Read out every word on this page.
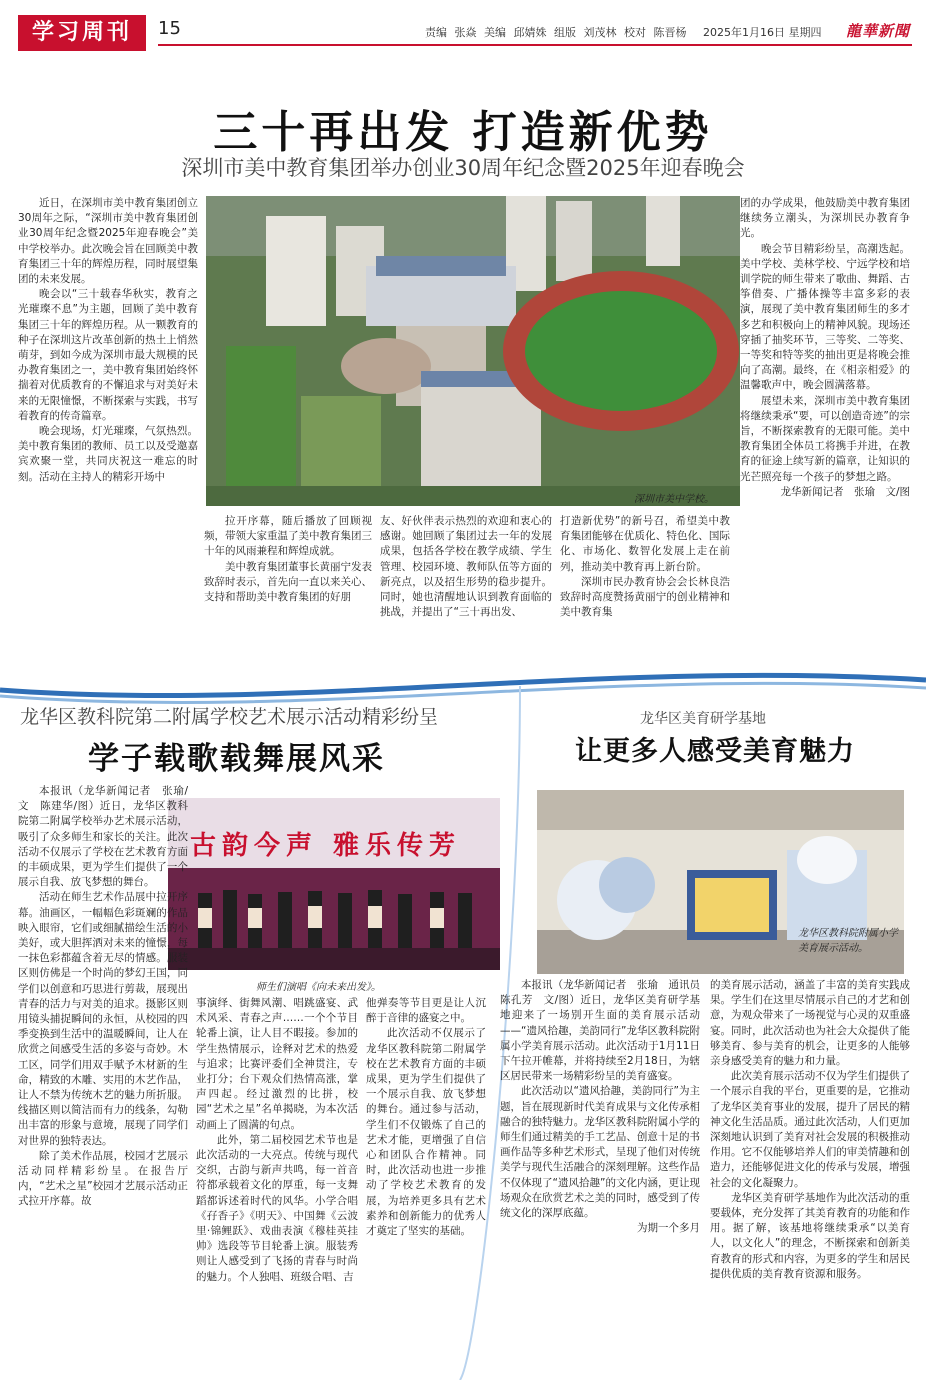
学习周刊	15	责编 张焱 美编 邱婧姝 组版 刘茂林 校对 陈晋杨 2025年1月16日 星期四 龍華新聞
三十再出发 打造新优势
深圳市美中教育集团举办创业30周年纪念暨2025年迎春晚会
深圳市美中学校。

近日，在深圳市美中教育集团创立30周年之际，“深圳市美中教育集团创业30周年纪念暨2025年迎春晚会”美中学校举办。此次晚会旨在回顾美中教育集团三十年的辉煌历程，同时展望集团的未来发展。

晚会以“三十载春华秋实，教育之光璀璨不息”为主题，回顾了美中教育集团三十年的辉煌历程。从一颗教育的种子在深圳这片改革创新的热土上悄然萌芽，到如今成为深圳市最大规模的民办教育集团之一，美中教育集团始终怀揣着对优质教育的不懈追求与对美好未来的无限憧憬，不断探索与实践，书写着教育的传奇篇章。

晚会现场，灯光璀璨，气氛热烈。美中教育集团的教师、员工以及受邀嘉宾欢聚一堂，共同庆祝这一难忘的时刻。活动在主持人的精彩开场中

拉开序幕，随后播放了回顾视频，带领大家重温了美中教育集团三十年的风雨兼程和辉煌成就。

美中教育集团董事长黄丽宁发表致辞时表示，首先向一直以来关心、支持和帮助美中教育集团的好朋

友、好伙伴表示热烈的欢迎和衷心的感谢。她回顾了集团过去一年的发展成果，包括各学校在教学成绩、学生管理、校园环境、教师队伍等方面的新亮点，以及招生形势的稳步提升。同时，她也清醒地认识到教育面临的挑战，并提出了“三十再出发、

打造新优势”的新号召，希望美中教育集团能够在优质化、特色化、国际化、市场化、数智化发展上走在前列，推动美中教育再上新台阶。

深圳市民办教育协会会长林良浩致辞时高度赞扬黄丽宁的创业精神和美中教育集

团的办学成果，他鼓励美中教育集团继续务立潮头，为深圳民办教育争光。

晚会节目精彩纷呈，高潮迭起。美中学校、美林学校、宁远学校和培训学院的师生带来了歌曲、舞蹈、古筝借奏、广播体操等丰富多彩的表演，展现了美中教育集团师生的多才多艺和积极向上的精神风貌。现场还穿插了抽奖环节，三等奖、二等奖、一等奖和特等奖的抽出更是将晚会推向了高潮。最终，在《相亲相爱》的温馨歌声中，晚会圆满落幕。

展望未来，深圳市美中教育集团将继续秉承“要，可以创造奇迹”的宗旨，不断探索教育的无限可能。美中教育集团全体员工将携手并进，在教育的征途上续写新的篇章，让知识的光芒照亮每一个孩子的梦想之路。

龙华新闻记者　张瑜　文/图

龙华区教科院第二附属学校艺术展示活动精彩纷呈
学子载歌载舞展风采
古韵今声 雅乐传芳
师生们演唱《向未来出发》。

本报讯（龙华新闻记者　张瑜/文　陈建华/图）近日，龙华区教科院第二附属学校举办艺术展示活动，吸引了众多师生和家长的关注。此次活动不仅展示了学校在艺术教育方面的丰硕成果，更为学生们提供了一个展示自我、放飞梦想的舞台。

活动在师生艺术作品展中拉开序幕。油画区，一幅幅色彩斑斓的作品映入眼帘，它们或细腻描绘生活的小美好，或大胆挥洒对未来的憧憬，每一抹色彩都蕴含着无尽的情感。服装区则仿佛是一个时尚的梦幻王国，同学们以创意和巧思进行剪裁，展现出青春的活力与对美的追求。摄影区则用镜头捕捉瞬间的永恒，从校园的四季变换到生活中的温暖瞬间，让人在欣赏之间感受生活的多姿与奇妙。木工区，同学们用双手赋予木材新的生命，精致的木雕、实用的木艺作品，让人不禁为传统木艺的魅力所折服。线描区则以简洁而有力的线条，勾勒出丰富的形象与意境，展现了同学们对世界的独特表达。

除了美术作品展，校园才艺展示活动同样精彩纷呈。在报告厅内，“艺术之星”校园才艺展示活动正式拉开序幕。故

事演绎、街舞风潮、唱跳盛宴、武术风采、青春之声……一个个节目轮番上演，让人目不暇接。参加的学生热情展示，诠释对艺术的热爱与追求；比赛评委们全神贯注，专业打分；台下观众们热情高涨，掌声四起。经过激烈的比拼，校园“艺术之星”名单揭晓，为本次活动画上了圆满的句点。

此外，第二届校园艺术节也是此次活动的一大亮点。传统与现代交织，古韵与新声共鸣，每一首音符都承载着文化的厚重，每一支舞蹈都诉述着时代的风华。小学合唱《孖香子》《明天》、中国舞《云波里·锦鲤跃》、戏曲表演《穆桂英挂帅》选段等节目轮番上演。服装秀则让人感受到了飞扬的青春与时尚的魅力。个人独唱、班级合唱、吉

他弹奏等节目更是让人沉醉于音律的盛宴之中。

此次活动不仅展示了龙华区教科院第二附属学校在艺术教育方面的丰硕成果，更为学生们提供了一个展示自我、放飞梦想的舞台。通过参与活动，学生们不仅锻炼了自己的艺术才能，更增强了自信心和团队合作精神。同时，此次活动也进一步推动了学校艺术教育的发展，为培养更多具有艺术素养和创新能力的优秀人才奠定了坚实的基础。

龙华区美育研学基地
让更多人感受美育魅力
龙华区教科院附属小学美育展示活动。

本报讯（龙华新闻记者　张瑜　通讯员　陈孔芳　文/图）近日，龙华区美育研学基地迎来了一场别开生面的美育展示活动——“遗风拾趣，美韵同行”龙华区教科院附属小学美育展示活动。此次活动于1月11日下午拉开帷幕，并将持续至2月18日，为辖区居民带来一场精彩纷呈的美育盛宴。

此次活动以“遗风拾趣，美韵同行”为主题，旨在展现新时代美育成果与文化传承相融合的独特魅力。龙华区教科院附属小学的师生们通过精美的手工艺品、创意十足的书画作品等多种艺术形式，呈现了他们对传统美学与现代生活融合的深刻理解。这些作品不仅体现了“遗风拾趣”的文化内涵，更让现场观众在欣赏艺术之美的同时，感受到了传统文化的深厚底蕴。

为期一个多月

的美育展示活动，涵盖了丰富的美育实践成果。学生们在这里尽情展示自己的才艺和创意，为观众带来了一场视觉与心灵的双重盛宴。同时，此次活动也为社会大众提供了能够美育、参与美育的机会，让更多的人能够亲身感受美育的魅力和力量。

此次美育展示活动不仅为学生们提供了一个展示自我的平台，更重要的是，它推动了龙华区美育事业的发展，提升了居民的精神文化生活品质。通过此次活动，人们更加深刻地认识到了美育对社会发展的积极推动作用。它不仅能够培养人们的审美情趣和创造力，还能够促进文化的传承与发展，增强社会的文化凝聚力。

龙华区美育研学基地作为此次活动的重要载体，充分发挥了其美育教育的功能和作用。据了解，该基地将继续秉承“以美育人，以文化人”的理念，不断探索和创新美育教育的形式和内容，为更多的学生和居民提供优质的美育教育资源和服务。
